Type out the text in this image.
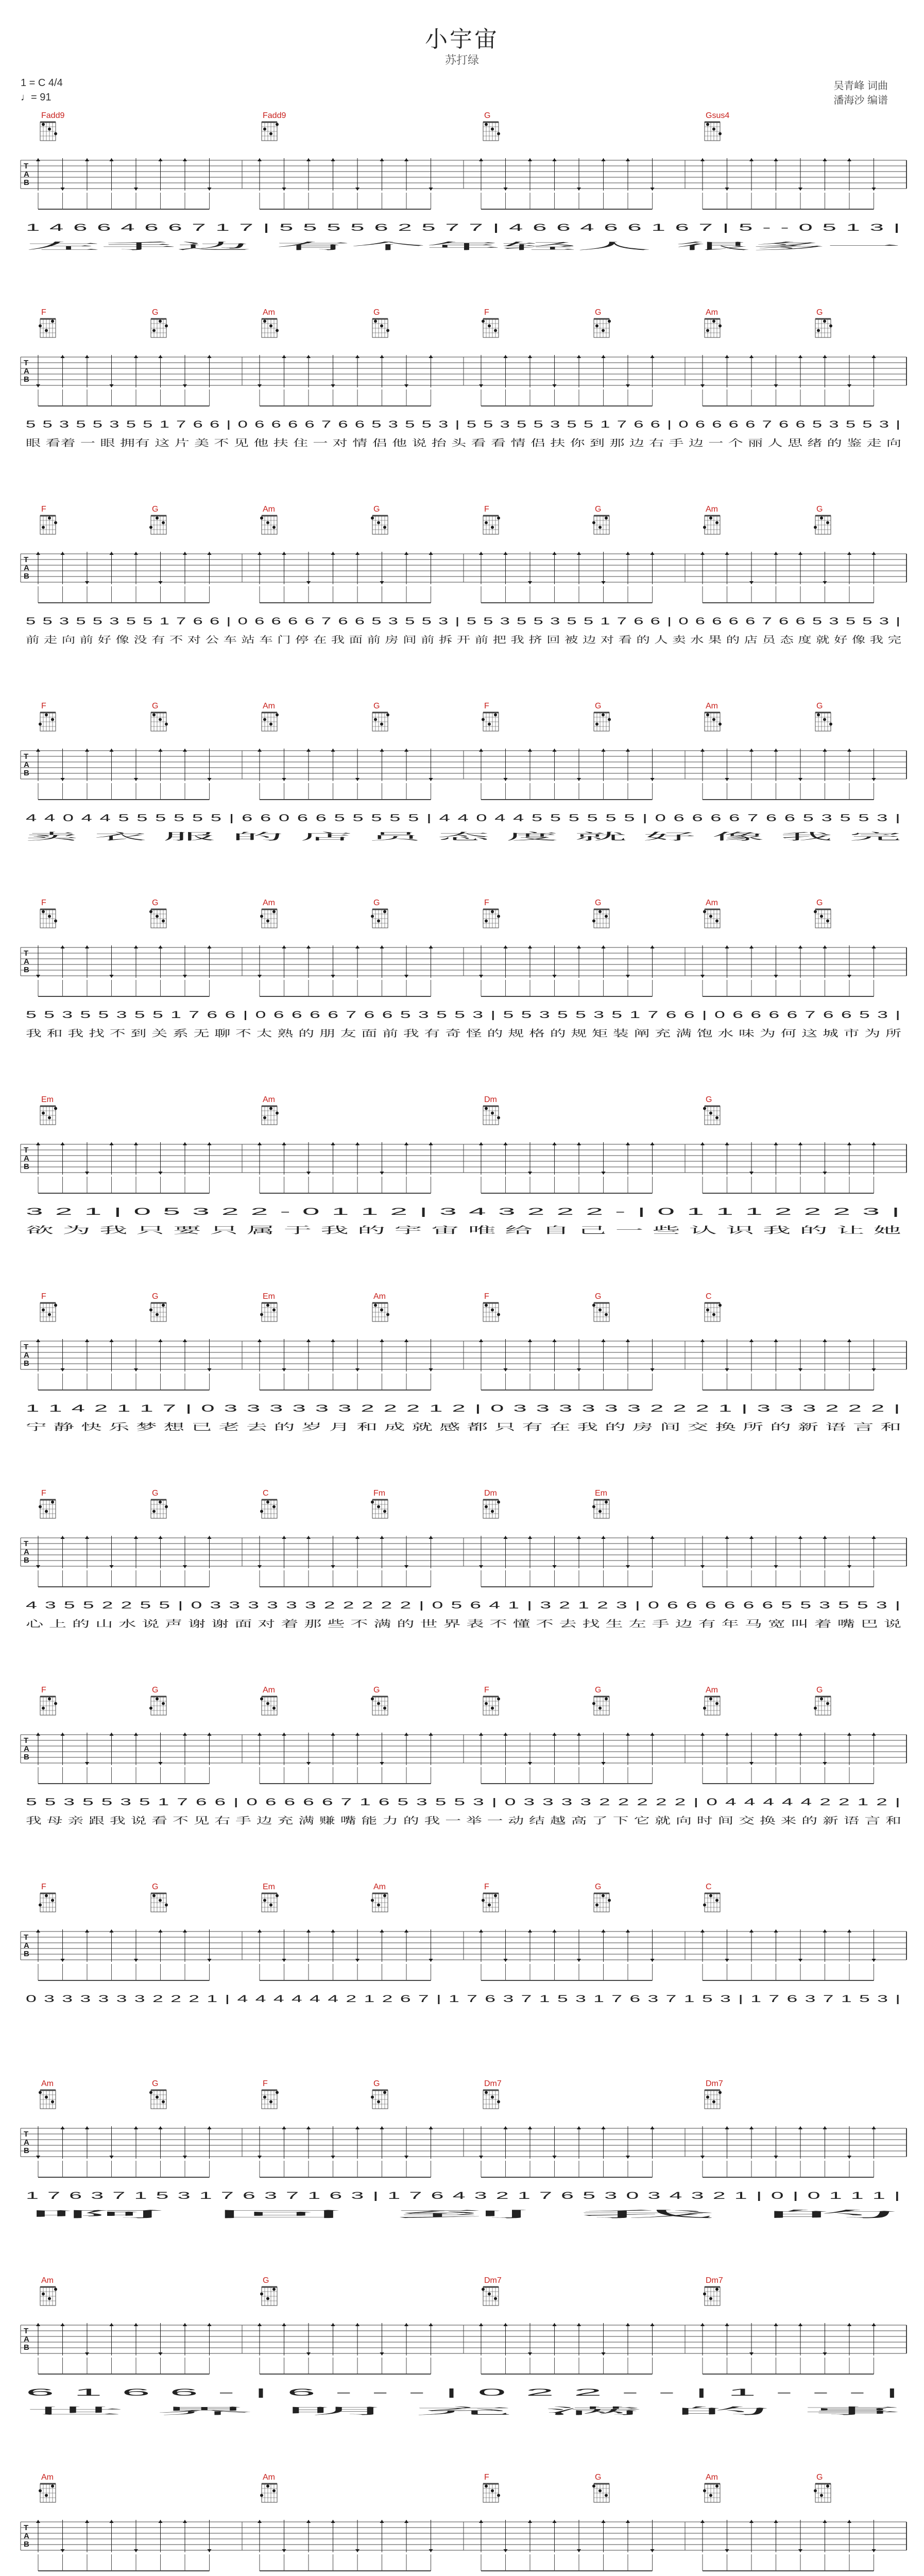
小宇宙
苏打绿
1 = C 4/4
♩= 91
吴青峰 词曲
潘海沙 编谱
Fadd9	Fadd9	G	Gsus4
T
A
B
1 4 6 6 4 6 6 7 1 7 | 5 5 5 5 6 2 5 7 7 | 4 6 6 4 6 6 1 6 7 | 5 - - 0 5 1 3 |
左手边 有个年轻人 很多一
F	G	Am	G	F	G	Am	G
T
A
B
5 5 3 5 5 3 5 5 1 7 6 6 | 0 6 6 6 6 7 6 6 5 3 5 5 3 | 5 5 3 5 5 3 5 5 1 7 6 6 | 0 6 6 6 6 7 6 6 5 3 5 5 3 |
眼 看着 一 眼 拥有 这 片 美 不 见 他 扶 住 一 对 情 侣 他 说 抬 头 看 看 情 侣 扶 你 到 那 边 右 手 边 一 个 丽 人 思 绪 的 鉴 走 向
F	G	Am	G	F	G	Am	G
T
A
B
5 5 3 5 5 3 5 5 1 7 6 6 | 0 6 6 6 6 7 6 6 5 3 5 5 3 | 5 5 3 5 5 3 5 5 1 7 6 6 | 0 6 6 6 6 7 6 6 5 3 5 5 3 |
前 走 向 前 好 像 没 有 不 对 公 车 站 车 门 停 在 我 面 前 房 间 前 拆 开 前 把 我 挤 回 被 边 对 看 的 人 卖 水 果 的 店 员 态 度 就 好 像 我 完
F	G	Am	G	F	G	Am	G
T
A
B
4 4 0 4 4 5 5 5 5 5 5 | 6 6 0 6 6 5 5 5 5 5 | 4 4 0 4 4 5 5 5 5 5 5 | 0 6 6 6 6 7 6 6 5 3 5 5 3 |
卖 衣 服 的 店 员 态 度 就 好 像 我 完
F	G	Am	G	F	G	Am	G
T
A
B
5 5 3 5 5 3 5 5 1 7 6 6 | 0 6 6 6 6 7 6 6 5 3 5 5 3 | 5 5 3 5 5 3 5 1 7 6 6 | 0 6 6 6 6 7 6 6 5 3 |
我 和 我 找 不 到 关 系 无 聊 不 太 熟 的 朋 友 面 前 我 有 奇 怪 的 规 格 的 规 矩 装 阐 充 满 饱 水 味 为 何 这 城 市 为 所
Em	Am	Dm	G
T
A
B
3 2 1 | 0 5 3 2 2 - 0 1 1 2 | 3 4 3 2 2 2 - | 0 1 1 1 2 2 2 3 |
欲 为 我 只 要 只 属 于 我 的 宇 宙 唯 给 自 己 一 些 认 识 我 的 让 她
F	G	Em	Am	F	G	C
T
A
B
1 1 4 2 1 1 7 | 0 3 3 3 3 3 3 2 2 2 1 2 | 0 3 3 3 3 3 3 2 2 2 1 | 3 3 3 2 2 2 |
宁 静 快 乐 梦 想 已 老 去 的 岁 月 和 成 就 感 都 只 有 在 我 的 房 间 交 换 所 的 新 语 言 和
F	G	C	Fm	Dm	Em
T
A
B
4 3 5 5 2 2 5 5 | 0 3 3 3 3 3 3 2 2 2 2 2 | 0 5 6 4 1 | 3 2 1 2 3 | 0 6 6 6 6 6 6 5 5 3 5 5 3 |
心 上 的 山 水 说 声 谢 谢 面 对 着 那 些 不 满 的 世 界 表 不 懂 不 去 找 生 左 手 边 有 年 马 宽 叫 着 嘴 巴 说
F	G	Am	G	F	G	Am	G
T
A
B
5 5 3 5 5 3 5 1 7 6 6 | 0 6 6 6 6 7 1 6 5 3 5 5 3 | 0 3 3 3 3 2 2 2 2 2 | 0 4 4 4 4 4 2 2 1 2 |
我 母 亲 跟 我 说 看 不 见 右 手 边 充 满 赚 嘴 能 力 的 我 一 举 一 动 结 越 高 了 下 它 就 向 时 间 交 换 来 的 新 语 言 和
F	G	Em	Am	F	G	C
T
A
B
0 3 3 3 3 3 3 2 2 2 1 | 4 4 4 4 4 4 2 1 2 6 7 | 1 7 6 3 7 1 5 3 1 7 6 3 7 1 5 3 | 1 7 6 3 7 1 5 3 |
Am	G	F	G	Dm7	Dm7
T
A
B
1 7 6 3 7 1 5 3 1 7 6 3 7 1 6 3 | 1 7 6 4 3 2 1 7 6 5 3 0 3 4 3 2 1 | 0 | 0 1 1 1 |
啊 回 到 我 的
Am	G	Dm7	Dm7
T
A
B
6 1 6 6 - | 6 - - - | 0 2 2 - - | 1 - - - |
世 界 明 充 满 的 事
Am	Am	F	G	Am	G
T
A
B
